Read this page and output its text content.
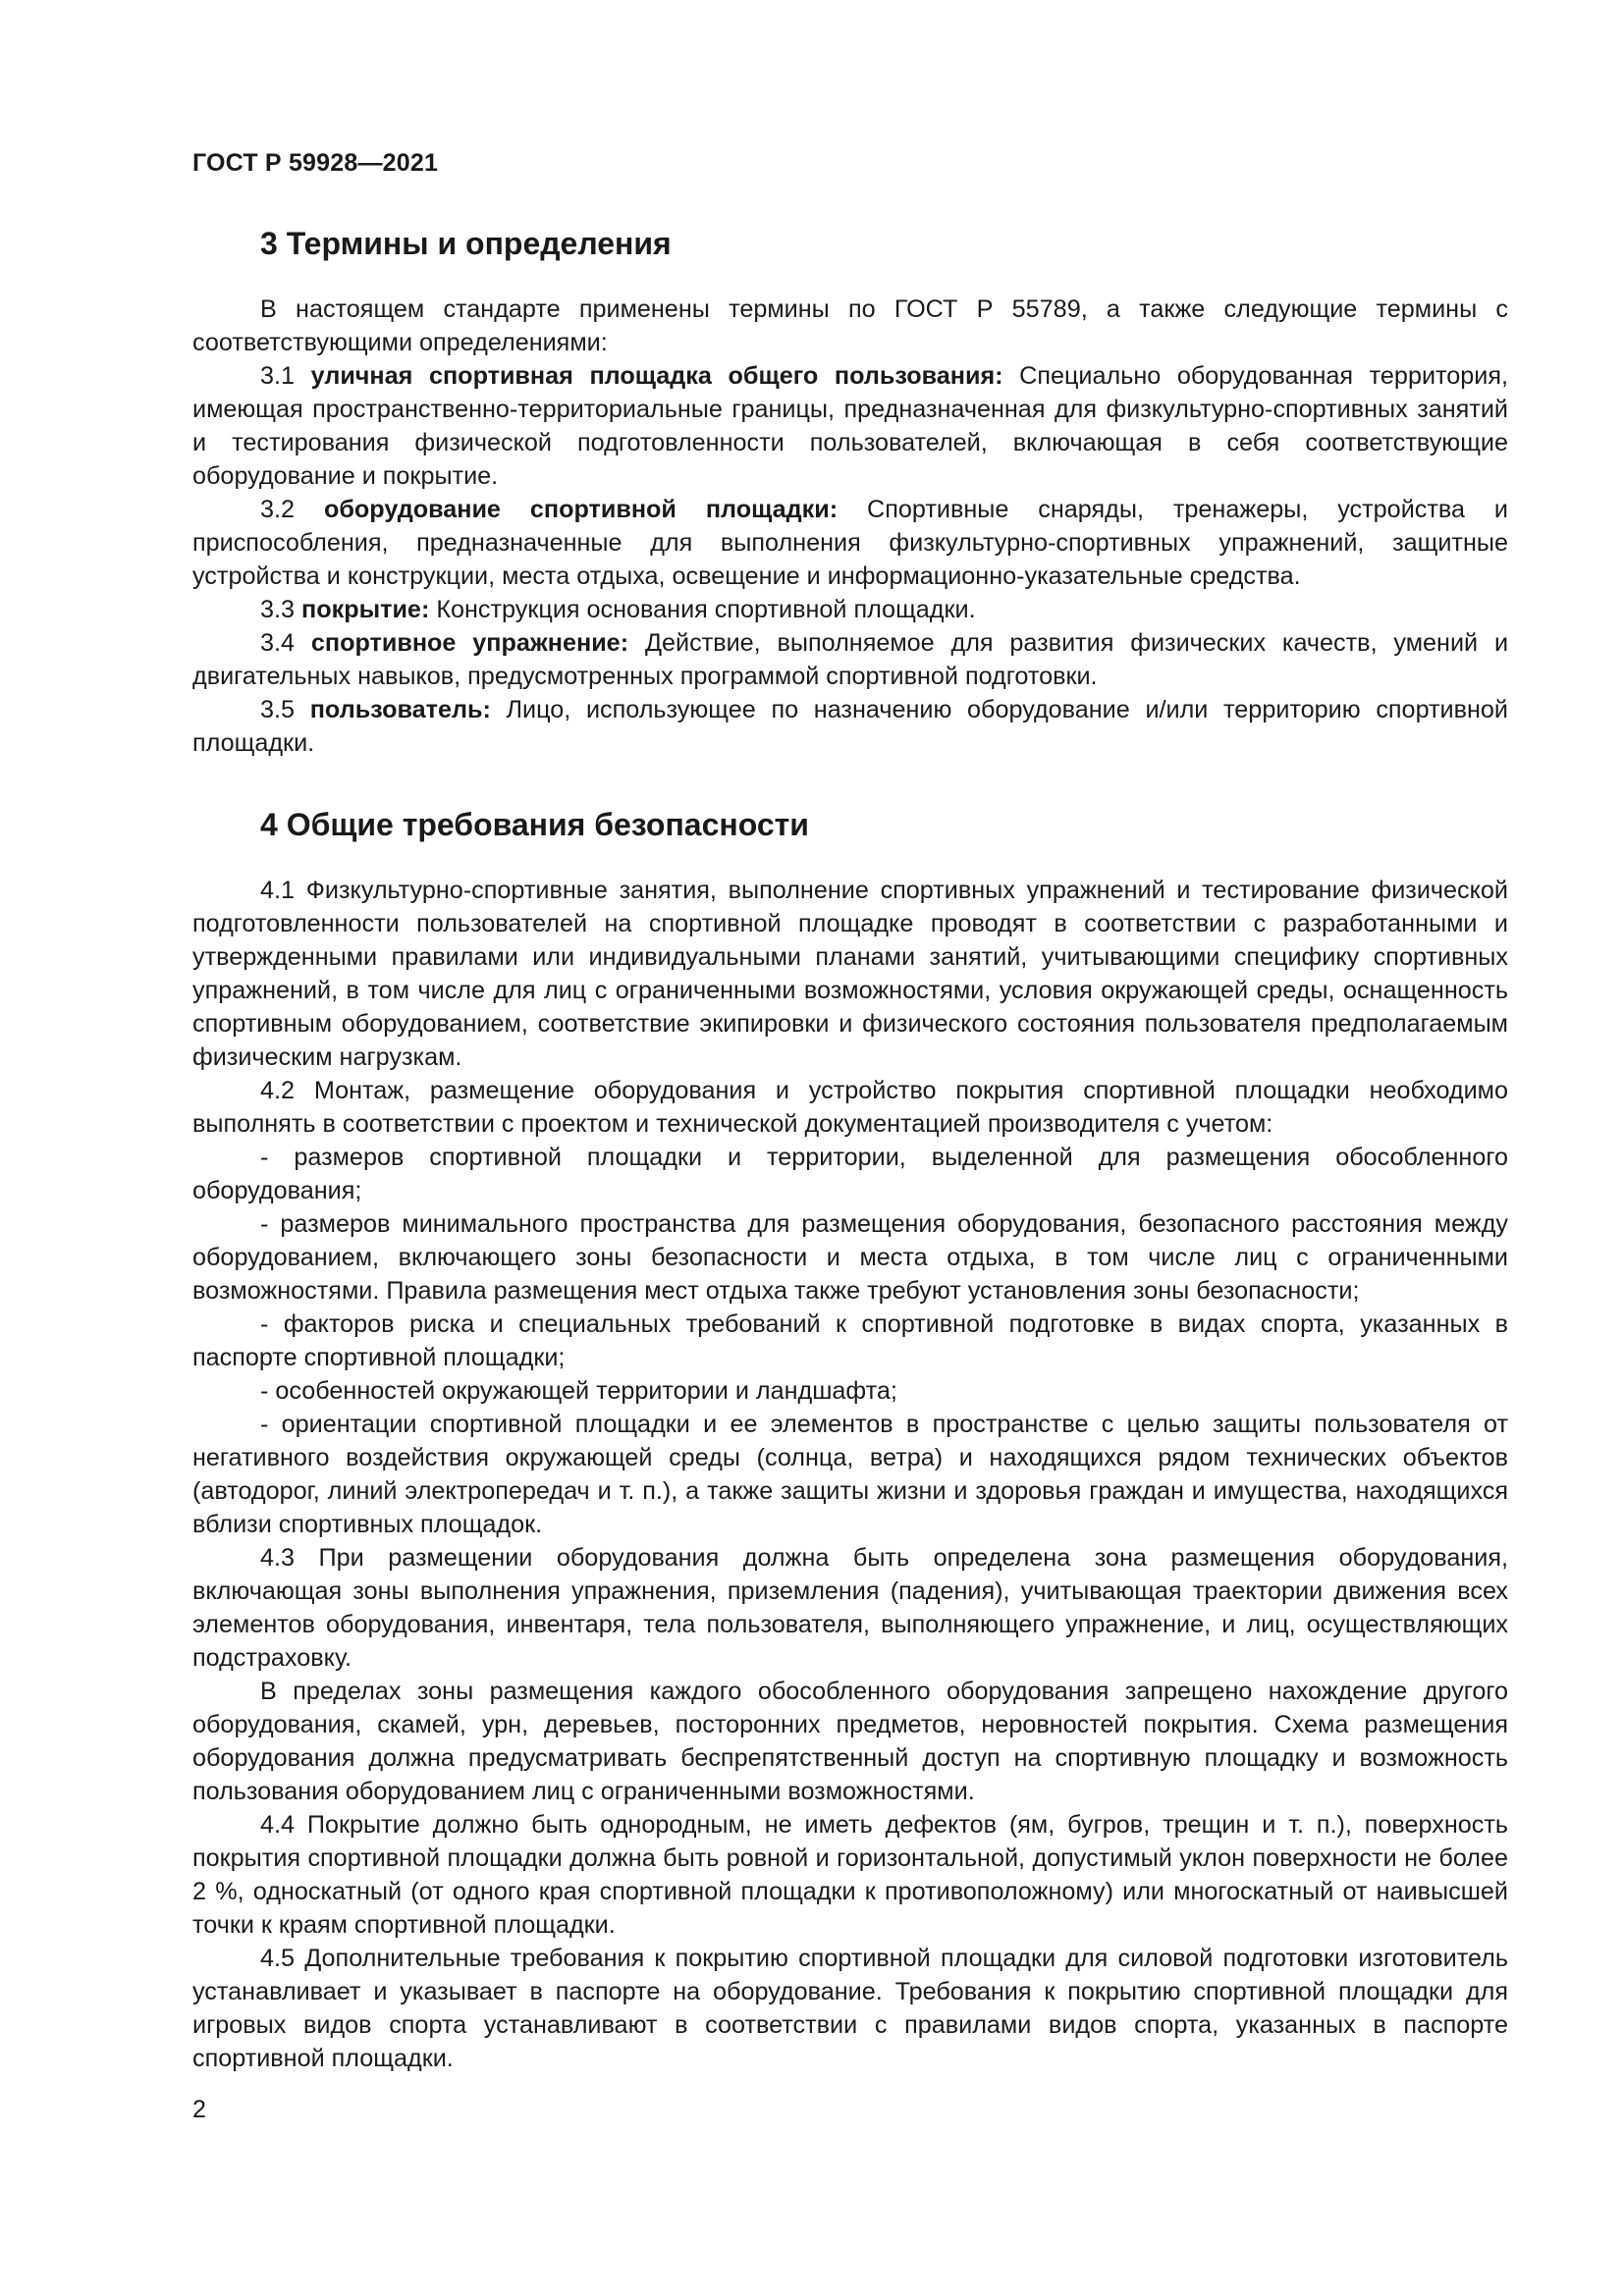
ГОСТ Р 59928—2021
3 Термины и определения

В настоящем стандарте применены термины по ГОСТ Р 55789, а также следующие термины с соответствующими определениями:

3.1 уличная спортивная площадка общего пользования: Специально оборудованная территория, имеющая пространственно-территориальные границы, предназначенная для физкультурно-спортивных занятий и тестирования физической подготовленности пользователей, включающая в себя соответствующие оборудование и покрытие.

3.2 оборудование спортивной площадки: Спортивные снаряды, тренажеры, устройства и приспособления, предназначенные для выполнения физкультурно-спортивных упражнений, защитные устройства и конструкции, места отдыха, освещение и информационно-указательные средства.

3.3 покрытие: Конструкция основания спортивной площадки.

3.4 спортивное упражнение: Действие, выполняемое для развития физических качеств, умений и двигательных навыков, предусмотренных программой спортивной подготовки.

3.5 пользователь: Лицо, использующее по назначению оборудование и/или территорию спортивной площадки.

4 Общие требования безопасности

4.1 Физкультурно-спортивные занятия, выполнение спортивных упражнений и тестирование физической подготовленности пользователей на спортивной площадке проводят в соответствии с разработанными и утвержденными правилами или индивидуальными планами занятий, учитывающими специфику спортивных упражнений, в том числе для лиц с ограниченными возможностями, условия окружающей среды, оснащенность спортивным оборудованием, соответствие экипировки и физического состояния пользователя предполагаемым физическим нагрузкам.

4.2 Монтаж, размещение оборудования и устройство покрытия спортивной площадки необходимо выполнять в соответствии с проектом и технической документацией производителя с учетом:

- размеров спортивной площадки и территории, выделенной для размещения обособленного оборудования;

- размеров минимального пространства для размещения оборудования, безопасного расстояния между оборудованием, включающего зоны безопасности и места отдыха, в том числе лиц с ограниченными возможностями. Правила размещения мест отдыха также требуют установления зоны безопасности;

- факторов риска и специальных требований к спортивной подготовке в видах спорта, указанных в паспорте спортивной площадки;

- особенностей окружающей территории и ландшафта;

- ориентации спортивной площадки и ее элементов в пространстве с целью защиты пользователя от негативного воздействия окружающей среды (солнца, ветра) и находящихся рядом технических объектов (автодорог, линий электропередач и т. п.), а также защиты жизни и здоровья граждан и имущества, находящихся вблизи спортивных площадок.

4.3 При размещении оборудования должна быть определена зона размещения оборудования, включающая зоны выполнения упражнения, приземления (падения), учитывающая траектории движения всех элементов оборудования, инвентаря, тела пользователя, выполняющего упражнение, и лиц, осуществляющих подстраховку.

В пределах зоны размещения каждого обособленного оборудования запрещено нахождение другого оборудования, скамей, урн, деревьев, посторонних предметов, неровностей покрытия. Схема размещения оборудования должна предусматривать беспрепятственный доступ на спортивную площадку и возможность пользования оборудованием лиц с ограниченными возможностями.

4.4 Покрытие должно быть однородным, не иметь дефектов (ям, бугров, трещин и т. п.), поверхность покрытия спортивной площадки должна быть ровной и горизонтальной, допустимый уклон поверхности не более 2 %, односкатный (от одного края спортивной площадки к противоположному) или многоскатный от наивысшей точки к краям спортивной площадки.

4.5 Дополнительные требования к покрытию спортивной площадки для силовой подготовки изготовитель устанавливает и указывает в паспорте на оборудование. Требования к покрытию спортивной площадки для игровых видов спорта устанавливают в соответствии с правилами видов спорта, указанных в паспорте спортивной площадки.

2
